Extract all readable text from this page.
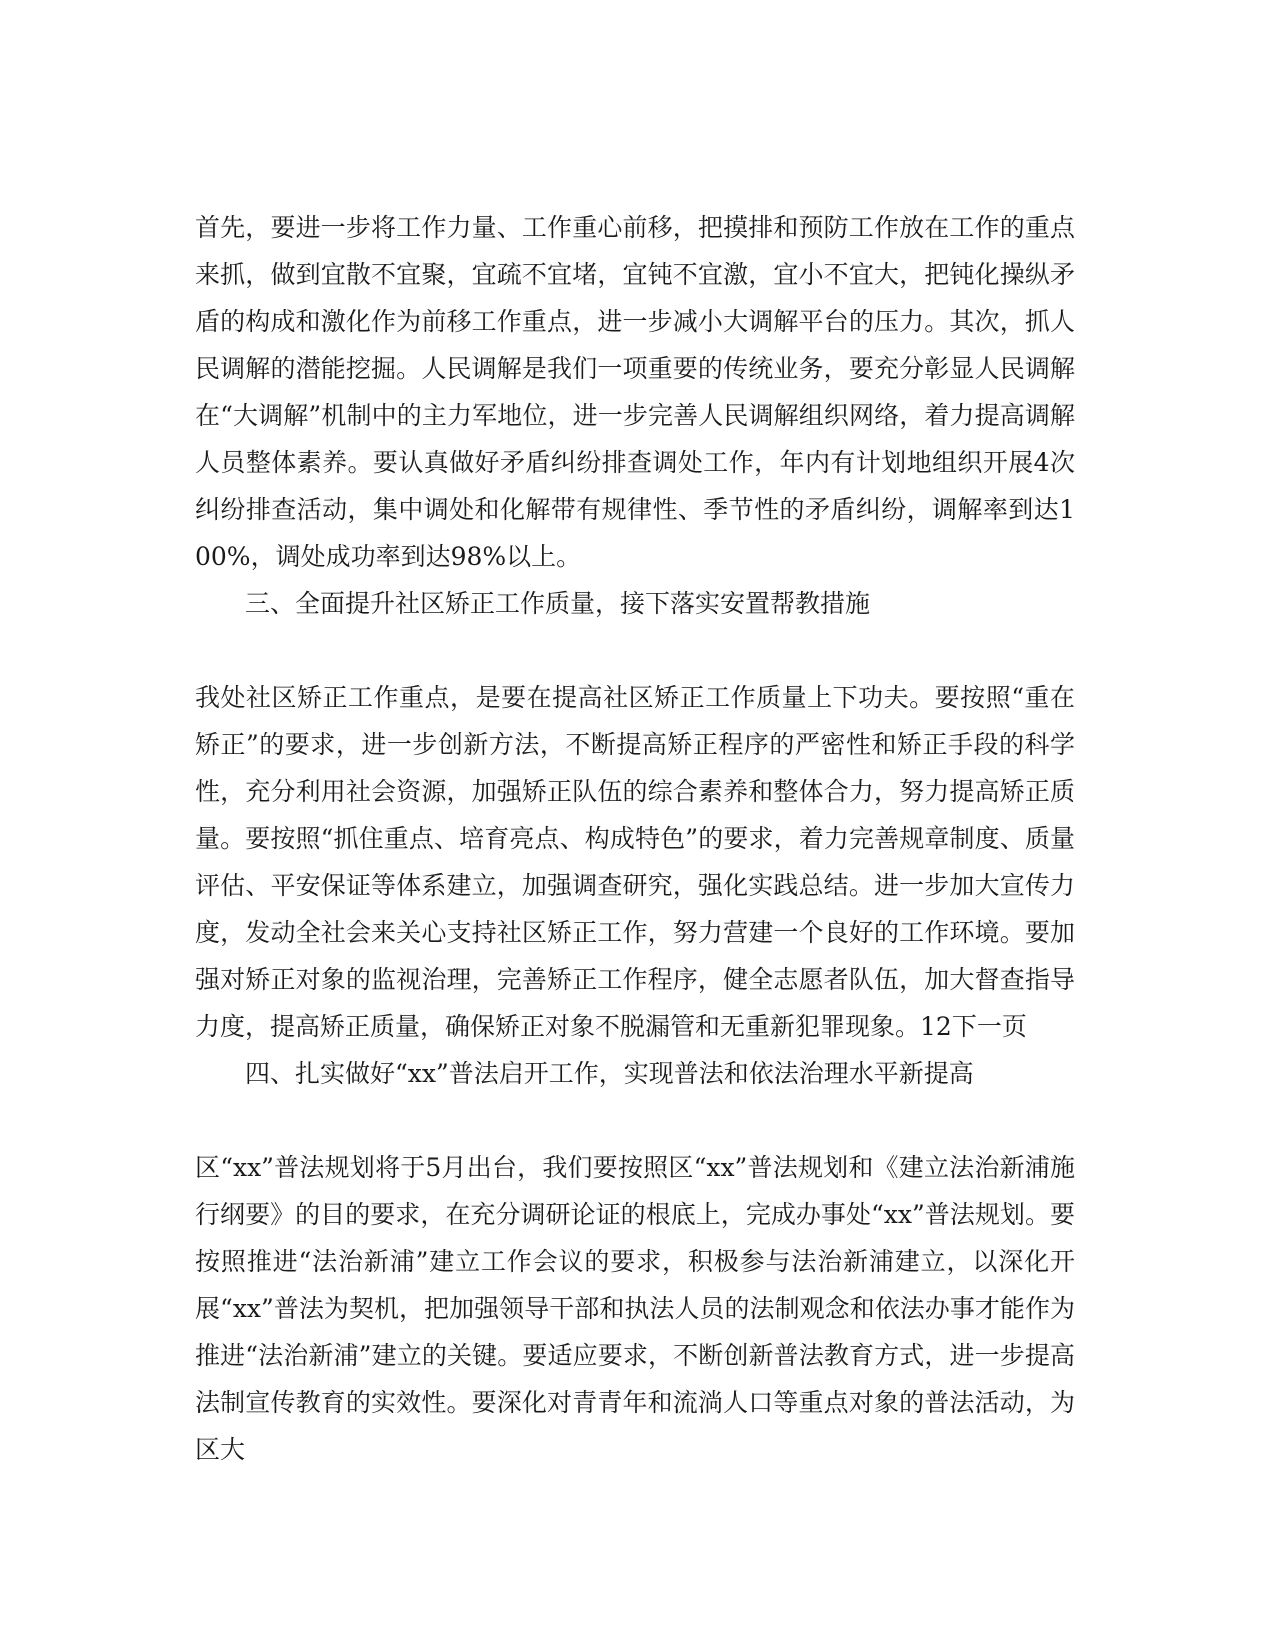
首先，要进一步将工作力量、工作重心前移，把摸排和预防工作放在工作的重点来抓，做到宜散不宜聚，宜疏不宜堵，宜钝不宜激，宜小不宜大，把钝化操纵矛盾的构成和激化作为前移工作重点，进一步减小大调解平台的压力。其次，抓人民调解的潜能挖掘。人民调解是我们一项重要的传统业务，要充分彰显人民调解在“大调解”机制中的主力军地位，进一步完善人民调解组织网络，着力提高调解人员整体素养。要认真做好矛盾纠纷排查调处工作，年内有计划地组织开展4次纠纷排查活动，集中调处和化解带有规律性、季节性的矛盾纠纷，调解率到达100%，调处成功率到达98%以上。

三、全面提升社区矫正工作质量，接下落实安置帮教措施

我处社区矫正工作重点，是要在提高社区矫正工作质量上下功夫。要按照“重在矫正”的要求，进一步创新方法，不断提高矫正程序的严密性和矫正手段的科学性，充分利用社会资源，加强矫正队伍的综合素养和整体合力，努力提高矫正质量。要按照“抓住重点、培育亮点、构成特色”的要求，着力完善规章制度、质量评估、平安保证等体系建立，加强调查研究，强化实践总结。进一步加大宣传力度，发动全社会来关心支持社区矫正工作，努力营建一个良好的工作环境。要加强对矫正对象的监视治理，完善矫正工作程序，健全志愿者队伍，加大督查指导力度，提高矫正质量，确保矫正对象不脱漏管和无重新犯罪现象。12下一页

四、扎实做好“xx”普法启开工作，实现普法和依法治理水平新提高

区“xx”普法规划将于5月出台，我们要按照区“xx”普法规划和《建立法治新浦施行纲要》的目的要求，在充分调研论证的根底上，完成办事处“xx”普法规划。要按照推进“法治新浦”建立工作会议的要求，积极参与法治新浦建立，以深化开展“xx”普法为契机，把加强领导干部和执法人员的法制观念和依法办事才能作为推进“法治新浦”建立的关键。要适应要求，不断创新普法教育方式，进一步提高法制宣传教育的实效性。要深化对青青年和流淌人口等重点对象的普法活动，为区大
